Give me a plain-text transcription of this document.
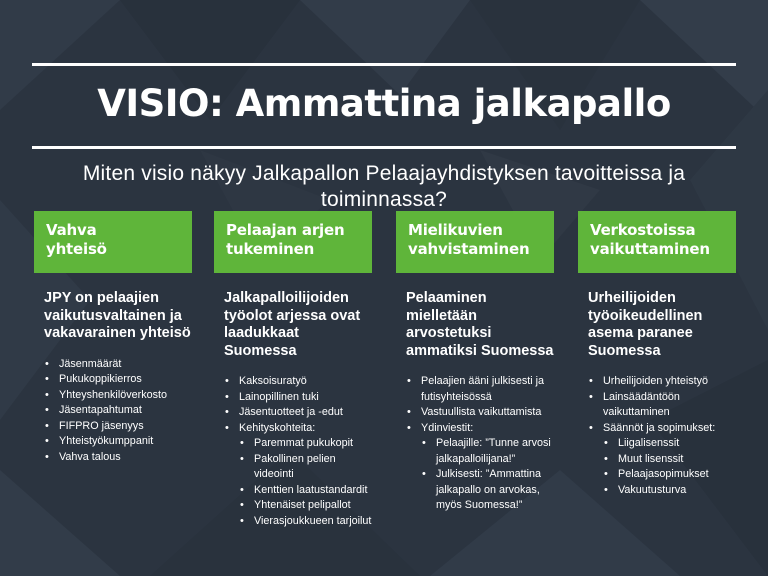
VISIO: Ammattina jalkapallo
Miten visio näkyy Jalkapallon Pelaajayhdistyksen tavoitteissa ja toiminnassa?
Vahva
yhteisö
JPY on pelaajien vaikutusvaltainen ja vakavarainen yhteisö
• Jäsenmäärät
• Pukukoppikierros
• Yhteyshenkilöverkosto
• Jäsentapahtumat
• FIFPRO jäsenyys
• Yhteistyökumppanit
• Vahva talous
Pelaajan arjen
tukeminen
Jalkapalloilijoiden työolot arjessa ovat laadukkaat Suomessa
• Kaksoisuratyö
• Lainopillinen tuki
• Jäsentuotteet ja -edut
• Kehityskohteita:
• Paremmat pukukopit
• Pakollinen pelien videointi
• Kenttien laatustandardit
• Yhtenäiset pelipallot
• Vierasjoukkueen tarjoilut
Mielikuvien
vahvistaminen
Pelaaminen mielletään arvostetuksi ammatiksi Suomessa
• Pelaajien ääni julkisesti ja futisyhteisössä
• Vastuullista vaikuttamista
• Ydinviestit:
• Pelaajille: ”Tunne arvosi jalkapalloilijana!”
• Julkisesti: ”Ammattina jalkapallo on arvokas, myös Suomessa!”
Verkostoissa
vaikuttaminen
Urheilijoiden työoikeudellinen asema paranee Suomessa
• Urheilijoiden yhteistyö
• Lainsäädäntöön vaikuttaminen
• Säännöt ja sopimukset:
• Liigalisenssit
• Muut lisenssit
• Pelaajasopimukset
• Vakuutusturva
